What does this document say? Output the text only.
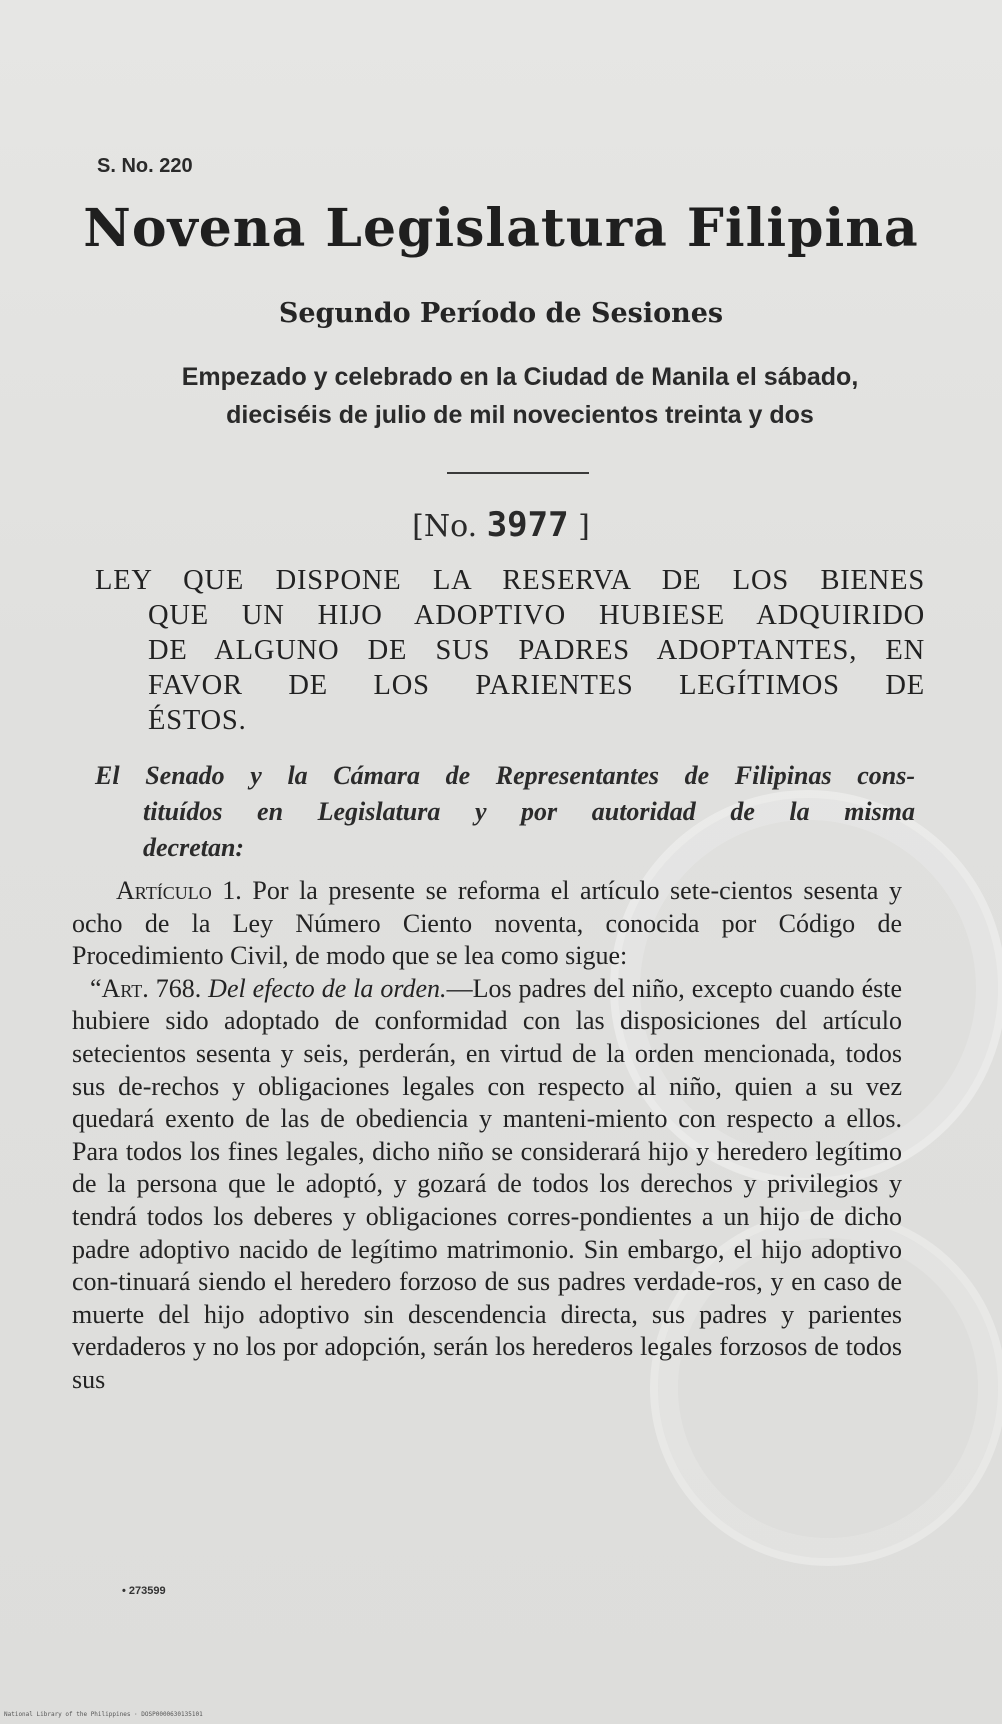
S. No. 220
Novena Legislatura Filipina
Segundo Período de Sesiones
Empezado y celebrado en la Ciudad de Manila el sábado,
dieciséis de julio de mil novecientos treinta y dos
[No. 3977 ]
LEY QUE DISPONE LA RESERVA DE LOS BIENES
QUE UN HIJO ADOPTIVO HUBIESE ADQUIRIDO
DE ALGUNO DE SUS PADRES ADOPTANTES, EN
FAVOR DE LOS PARIENTES LEGÍTIMOS DE
ÉSTOS.
El Senado y la Cámara de Representantes de Filipinas cons-
tituídos en Legislatura y por autoridad de la misma
decretan:

Artículo 1. Por la presente se reforma el artículo sete-cientos sesenta y ocho de la Ley Número Ciento noventa, conocida por Código de Procedimiento Civil, de modo que se lea como sigue:

“Art. 768. Del efecto de la orden.—Los padres del niño, excepto cuando éste hubiere sido adoptado de conformidad con las disposiciones del artículo setecientos sesenta y seis, perderán, en virtud de la orden mencionada, todos sus de-rechos y obligaciones legales con respecto al niño, quien a su vez quedará exento de las de obediencia y manteni-miento con respecto a ellos. Para todos los fines legales, dicho niño se considerará hijo y heredero legítimo de la persona que le adoptó, y gozará de todos los derechos y privilegios y tendrá todos los deberes y obligaciones corres-pondientes a un hijo de dicho padre adoptivo nacido de legítimo matrimonio. Sin embargo, el hijo adoptivo con-tinuará siendo el heredero forzoso de sus padres verdade-ros, y en caso de muerte del hijo adoptivo sin descendencia directa, sus padres y parientes verdaderos y no los por adopción, serán los herederos legales forzosos de todos sus

• 273599
National Library of the Philippines · DOSP0000630135101
